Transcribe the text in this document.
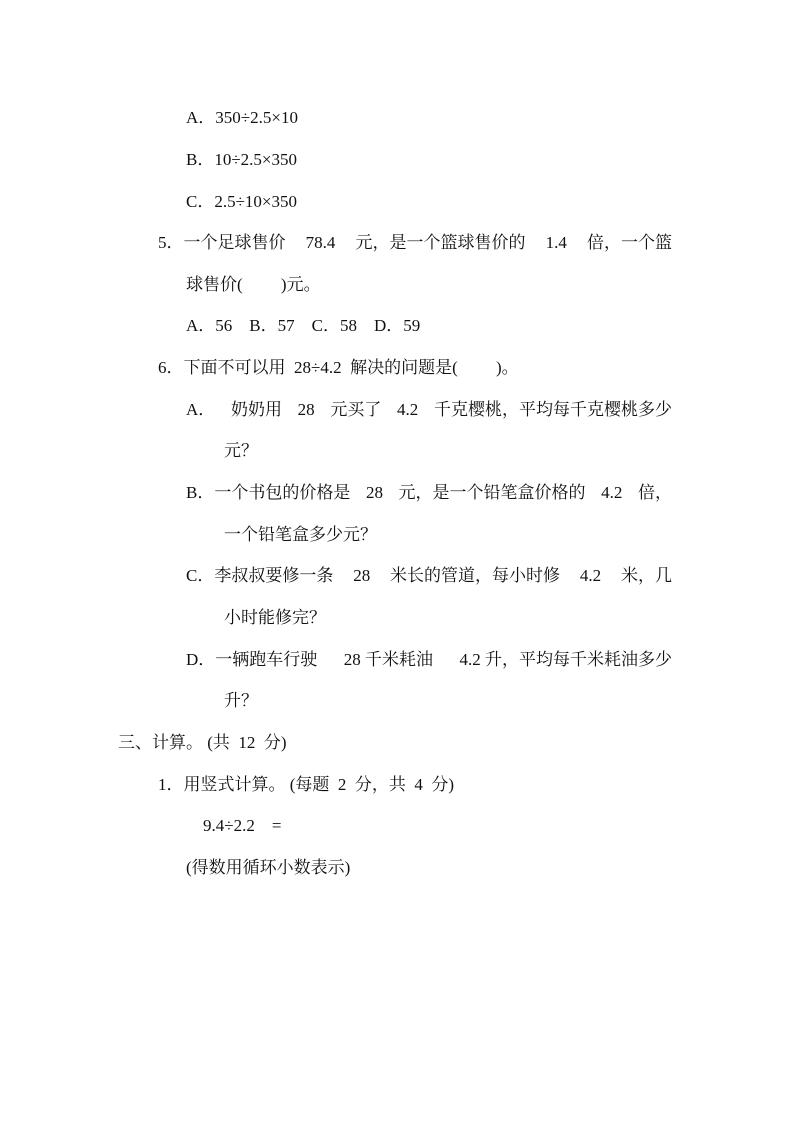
A．350÷2.5×10
B．10÷2.5×350
C．2.5÷10×350
5．一个足球售价 78.4 元，是一个篮球售价的 1.4 倍，一个篮
球售价(　　 )元。
A．56　B．57　C．58　D．59
6．下面不可以用  28÷4.2  解决的问题是(　　 )。
A． 奶奶用 28 元买了 4.2 千克樱桃，平均每千克樱桃多少
元？
B．一个书包的价格是 28 元，是一个铅笔盒价格的 4.2 倍，
一个铅笔盒多少元？
C．李叔叔要修一条 28 米长的管道，每小时修 4.2 米，几
小时能修完？
D．一辆跑车行驶 28 千米耗油 4.2 升，平均每千米耗油多少
升？
三、计算。 (共  12  分)
1．用竖式计算。 (每题  2  分，共  4  分)
9.4÷2.2　=
(得数用循环小数表示)
